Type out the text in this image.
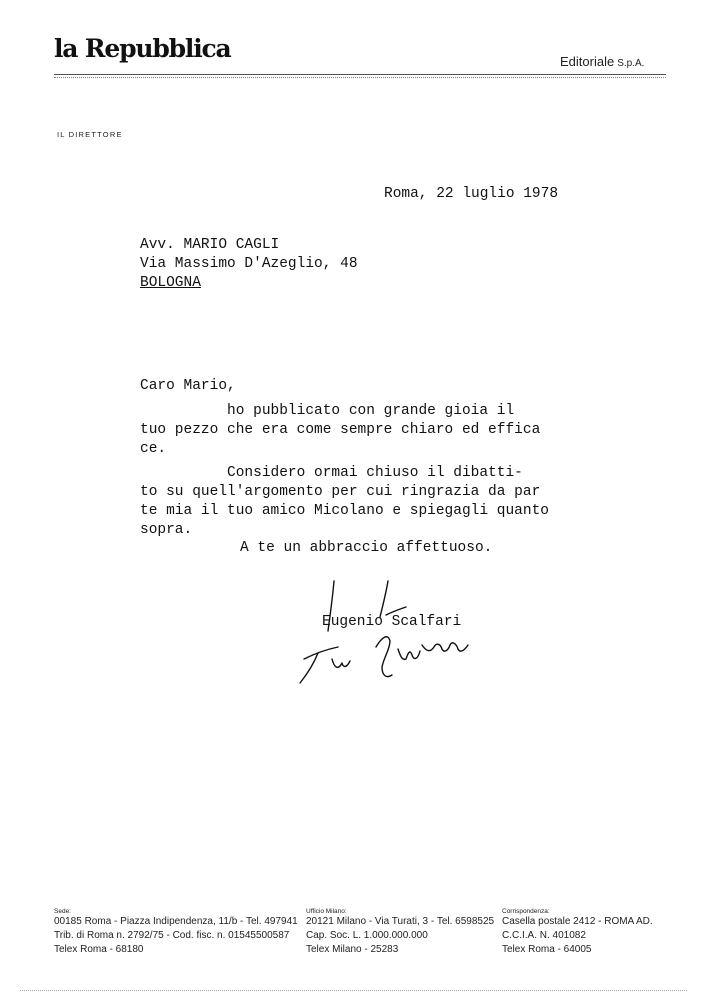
la Repubblica	Editoriale S.p.A.
IL DIRETTORE
Roma, 22 luglio 1978
Avv. MARIO CAGLI
Via Massimo D'Azeglio, 48
BOLOGNA
Caro Mario,
ho pubblicato con grande gioia il
tuo pezzo che era come sempre chiaro ed effica
ce.
Considero ormai chiuso il dibatti-
to su quell'argomento per cui ringrazia da par
te mia il tuo amico Micolano e spiegagli quanto
sopra.
A te un abbraccio affettuoso.
Eugenio Scalfari
Sede:
00185 Roma - Piazza Indipendenza, 11/b - Tel. 497941
Trib. di Roma n. 2792/75 - Cod. fisc. n. 01545500587
Telex Roma - 68180
Ufficio Milano:
20121 Milano - Via Turati, 3 - Tel. 6598525
Cap. Soc. L. 1.000.000.000
Telex Milano - 25283
Corrispondenza:
Casella postale 2412 - ROMA AD.
C.C.I.A. N. 401082
Telex Roma - 64005
